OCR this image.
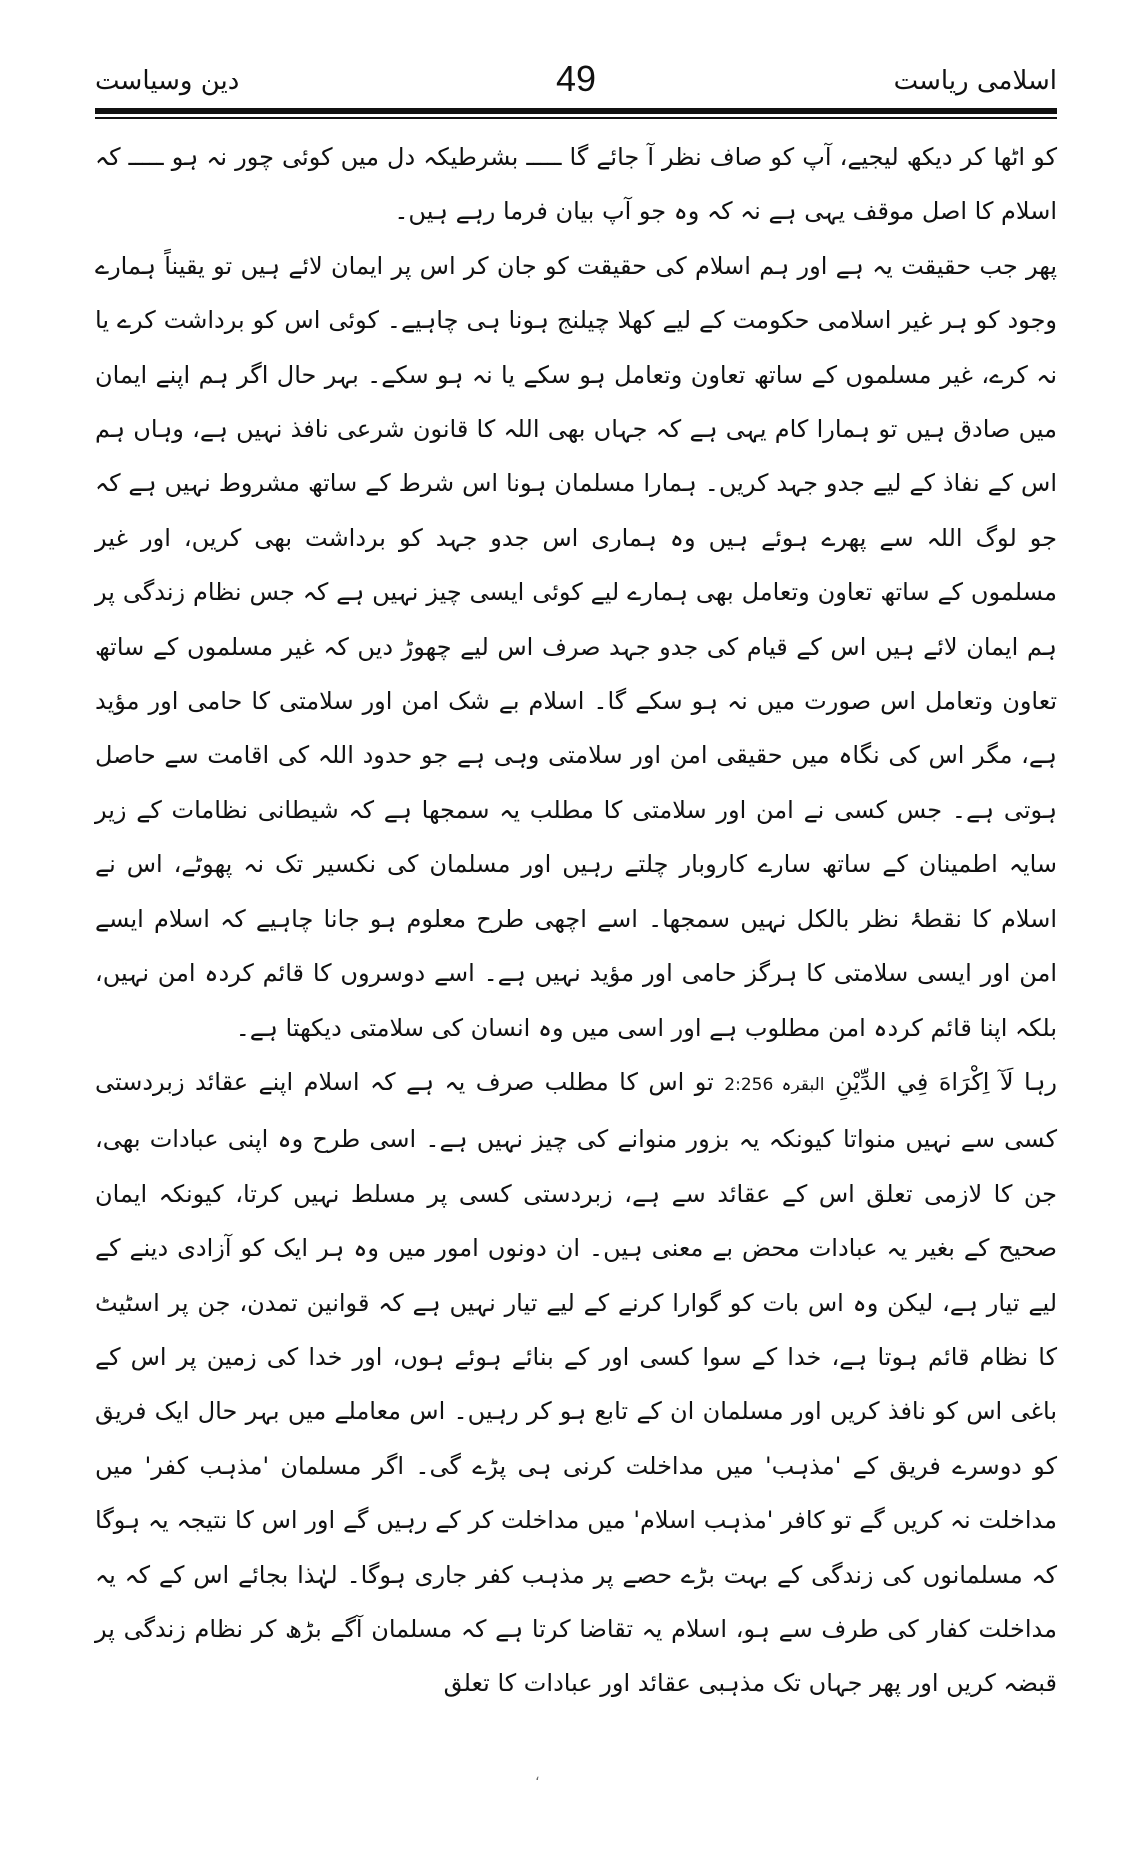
دین وسیاست	49	اسلامی ریاست

کو اٹھا کر دیکھ لیجیے، آپ کو صاف نظر آ جائے گا ـــــ بشرطیکہ دل میں کوئی چور نہ ہو ـــــ کہ اسلام کا اصل موقف یہی ہے نہ کہ وہ جو آپ بیان فرما رہے ہیں۔

پھر جب حقیقت یہ ہے اور ہم اسلام کی حقیقت کو جان کر اس پر ایمان لائے ہیں تو یقیناً ہمارے وجود کو ہر غیر اسلامی حکومت کے لیے کھلا چیلنج ہونا ہی چاہیے۔ کوئی اس کو برداشت کرے یا نہ کرے، غیر مسلموں کے ساتھ تعاون وتعامل ہو سکے یا نہ ہو سکے۔ بہر حال اگر ہم اپنے ایمان میں صادق ہیں تو ہمارا کام یہی ہے کہ جہاں بھی اللہ کا قانون شرعی نافذ نہیں ہے، وہاں ہم اس کے نفاذ کے لیے جدو جہد کریں۔ ہمارا مسلمان ہونا اس شرط کے ساتھ مشروط نہیں ہے کہ جو لوگ اللہ سے پھرے ہوئے ہیں وہ ہماری اس جدو جہد کو برداشت بھی کریں، اور غیر مسلموں کے ساتھ تعاون وتعامل بھی ہمارے لیے کوئی ایسی چیز نہیں ہے کہ جس نظام زندگی پر ہم ایمان لائے ہیں اس کے قیام کی جدو جہد صرف اس لیے چھوڑ دیں کہ غیر مسلموں کے ساتھ تعاون وتعامل اس صورت میں نہ ہو سکے گا۔ اسلام بے شک امن اور سلامتی کا حامی اور مؤید ہے، مگر اس کی نگاہ میں حقیقی امن اور سلامتی وہی ہے جو حدود اللہ کی اقامت سے حاصل ہوتی ہے۔ جس کسی نے امن اور سلامتی کا مطلب یہ سمجھا ہے کہ شیطانی نظامات کے زیر سایہ اطمینان کے ساتھ سارے کاروبار چلتے رہیں اور مسلمان کی نکسیر تک نہ پھوٹے، اس نے اسلام کا نقطۂ نظر بالکل نہیں سمجھا۔ اسے اچھی طرح معلوم ہو جانا چاہیے کہ اسلام ایسے امن اور ایسی سلامتی کا ہرگز حامی اور مؤید نہیں ہے۔ اسے دوسروں کا قائم کردہ امن نہیں، بلکہ اپنا قائم کردہ امن مطلوب ہے اور اسی میں وہ انسان کی سلامتی دیکھتا ہے۔

رہا لَآ اِكْرَاهَ فِي الدِّيْنِ البقرہ 2:256 تو اس کا مطلب صرف یہ ہے کہ اسلام اپنے عقائد زبردستی کسی سے نہیں منواتا کیونکہ یہ بزور منوانے کی چیز نہیں ہے۔ اسی طرح وہ اپنی عبادات بھی، جن کا لازمی تعلق اس کے عقائد سے ہے، زبردستی کسی پر مسلط نہیں کرتا، کیونکہ ایمان صحیح کے بغیر یہ عبادات محض بے معنی ہیں۔ ان دونوں امور میں وہ ہر ایک کو آزادی دینے کے لیے تیار ہے، لیکن وہ اس بات کو گوارا کرنے کے لیے تیار نہیں ہے کہ قوانین تمدن، جن پر اسٹیٹ کا نظام قائم ہوتا ہے، خدا کے سوا کسی اور کے بنائے ہوئے ہوں، اور خدا کی زمین پر اس کے باغی اس کو نافذ کریں اور مسلمان ان کے تابع ہو کر رہیں۔ اس معاملے میں بہر حال ایک فریق کو دوسرے فریق کے 'مذہب' میں مداخلت کرنی ہی پڑے گی۔ اگر مسلمان 'مذہب کفر' میں مداخلت نہ کریں گے تو کافر 'مذہب اسلام' میں مداخلت کر کے رہیں گے اور اس کا نتیجہ یہ ہوگا کہ مسلمانوں کی زندگی کے بہت بڑے حصے پر مذہب کفر جاری ہوگا۔ لہٰذا بجائے اس کے کہ یہ مداخلت کفار کی طرف سے ہو، اسلام یہ تقاضا کرتا ہے کہ مسلمان آگے بڑھ کر نظام زندگی پر قبضہ کریں اور پھر جہاں تک مذہبی عقائد اور عبادات کا تعلق

،
